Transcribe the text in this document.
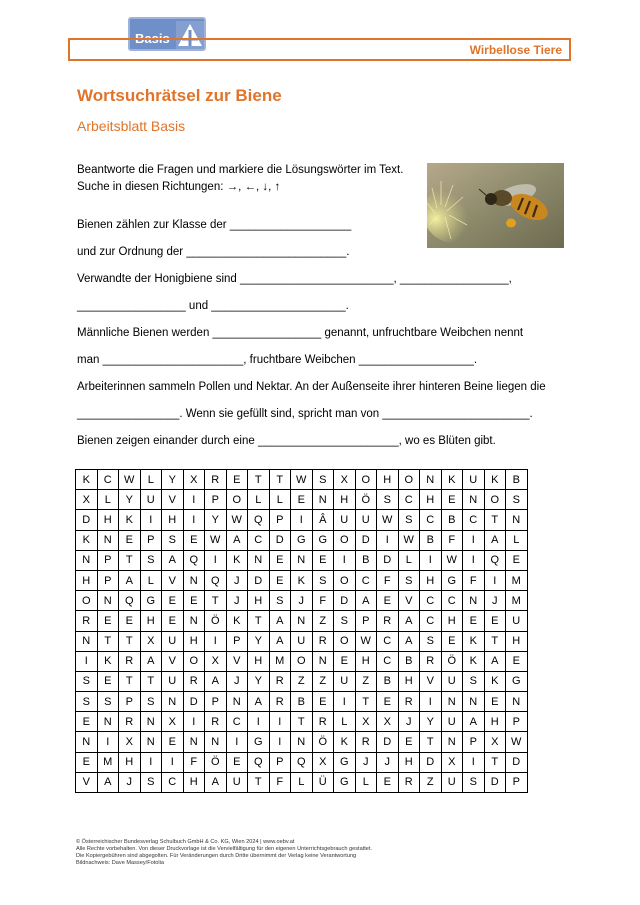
Basis
Wirbellose Tiere
Wortsuchrätsel zur Biene
Arbeitsblatt Basis
Beantworte die Fragen und markiere die Lösungswörter im Text.
Suche in diesen Richtungen: →, ←, ↓, ↑
Bienen zählen zur Klasse der ___________________
und zur Ordnung der _________________________.
Verwandte der Honigbiene sind ________________________, _________________,
_________________ und _____________________.
Männliche Bienen werden _________________ genannt, unfruchtbare Weibchen nennt
man ______________________, fruchtbare Weibchen __________________.
Arbeiterinnen sammeln Pollen und Nektar. An der Außenseite ihrer hinteren Beine liegen die
________________. Wenn sie gefüllt sind, spricht man von _______________________.
Bienen zeigen einander durch eine ______________________, wo es Blüten gibt.
K	C	W	L	Y	X	R	E	T	T	W	S	X	O	H	O	N	K	U	K	B
X	L	Y	U	V	I	P	O	L	L	E	N	H	Ö	S	C	H	E	N	O	S
D	H	K	I	H	I	Y	W	Q	P	I	Â	U	U	W	S	C	B	C	T	N
K	N	E	P	S	E	W	A	C	D	G	G	O	D	I	W	B	F	I	A	L
N	P	T	S	A	Q	I	K	N	E	N	E	I	B	D	L	I	W	I	Q	E
H	P	A	L	V	N	Q	J	D	E	K	S	O	C	F	S	H	G	F	I	M
O	N	Q	G	E	E	T	J	H	S	J	F	D	A	E	V	C	C	N	J	M
R	E	E	H	E	N	Ö	K	T	A	N	Z	S	P	R	A	C	H	E	E	U
N	T	T	X	U	H	I	P	Y	A	U	R	O	W	C	A	S	E	K	T	H
I	K	R	A	V	O	X	V	H	M	O	N	E	H	C	B	R	Ö	K	A	E
S	E	T	T	U	R	A	J	Y	R	Z	Z	U	Z	B	H	V	U	S	K	G
S	S	P	S	N	D	P	N	A	R	B	E	I	T	E	R	I	N	N	E	N
E	N	R	N	X	I	R	C	I	I	T	R	L	X	X	J	Y	U	A	H	P
N	I	X	N	E	N	N	I	G	I	N	Ö	K	R	D	E	T	N	P	X	W
E	M	H	I	I	F	Ö	E	Q	P	Q	X	G	J	J	H	D	X	I	T	D
V	A	J	S	C	H	A	U	T	F	L	Ü	G	L	E	R	Z	U	S	D	P
© Österreichischer Bundesverlag Schulbuch GmbH & Co. KG, Wien 2024 | www.oebv.at
Alle Rechte vorbehalten. Von dieser Druckvorlage ist die Vervielfältigung für den eigenen Unterrichtsgebrauch gestattet.
Die Kopiergebühren sind abgegolten. Für Veränderungen durch Dritte übernimmt der Verlag keine Verantwortung
Bildnachweis: Dave Massey/Fotolia
